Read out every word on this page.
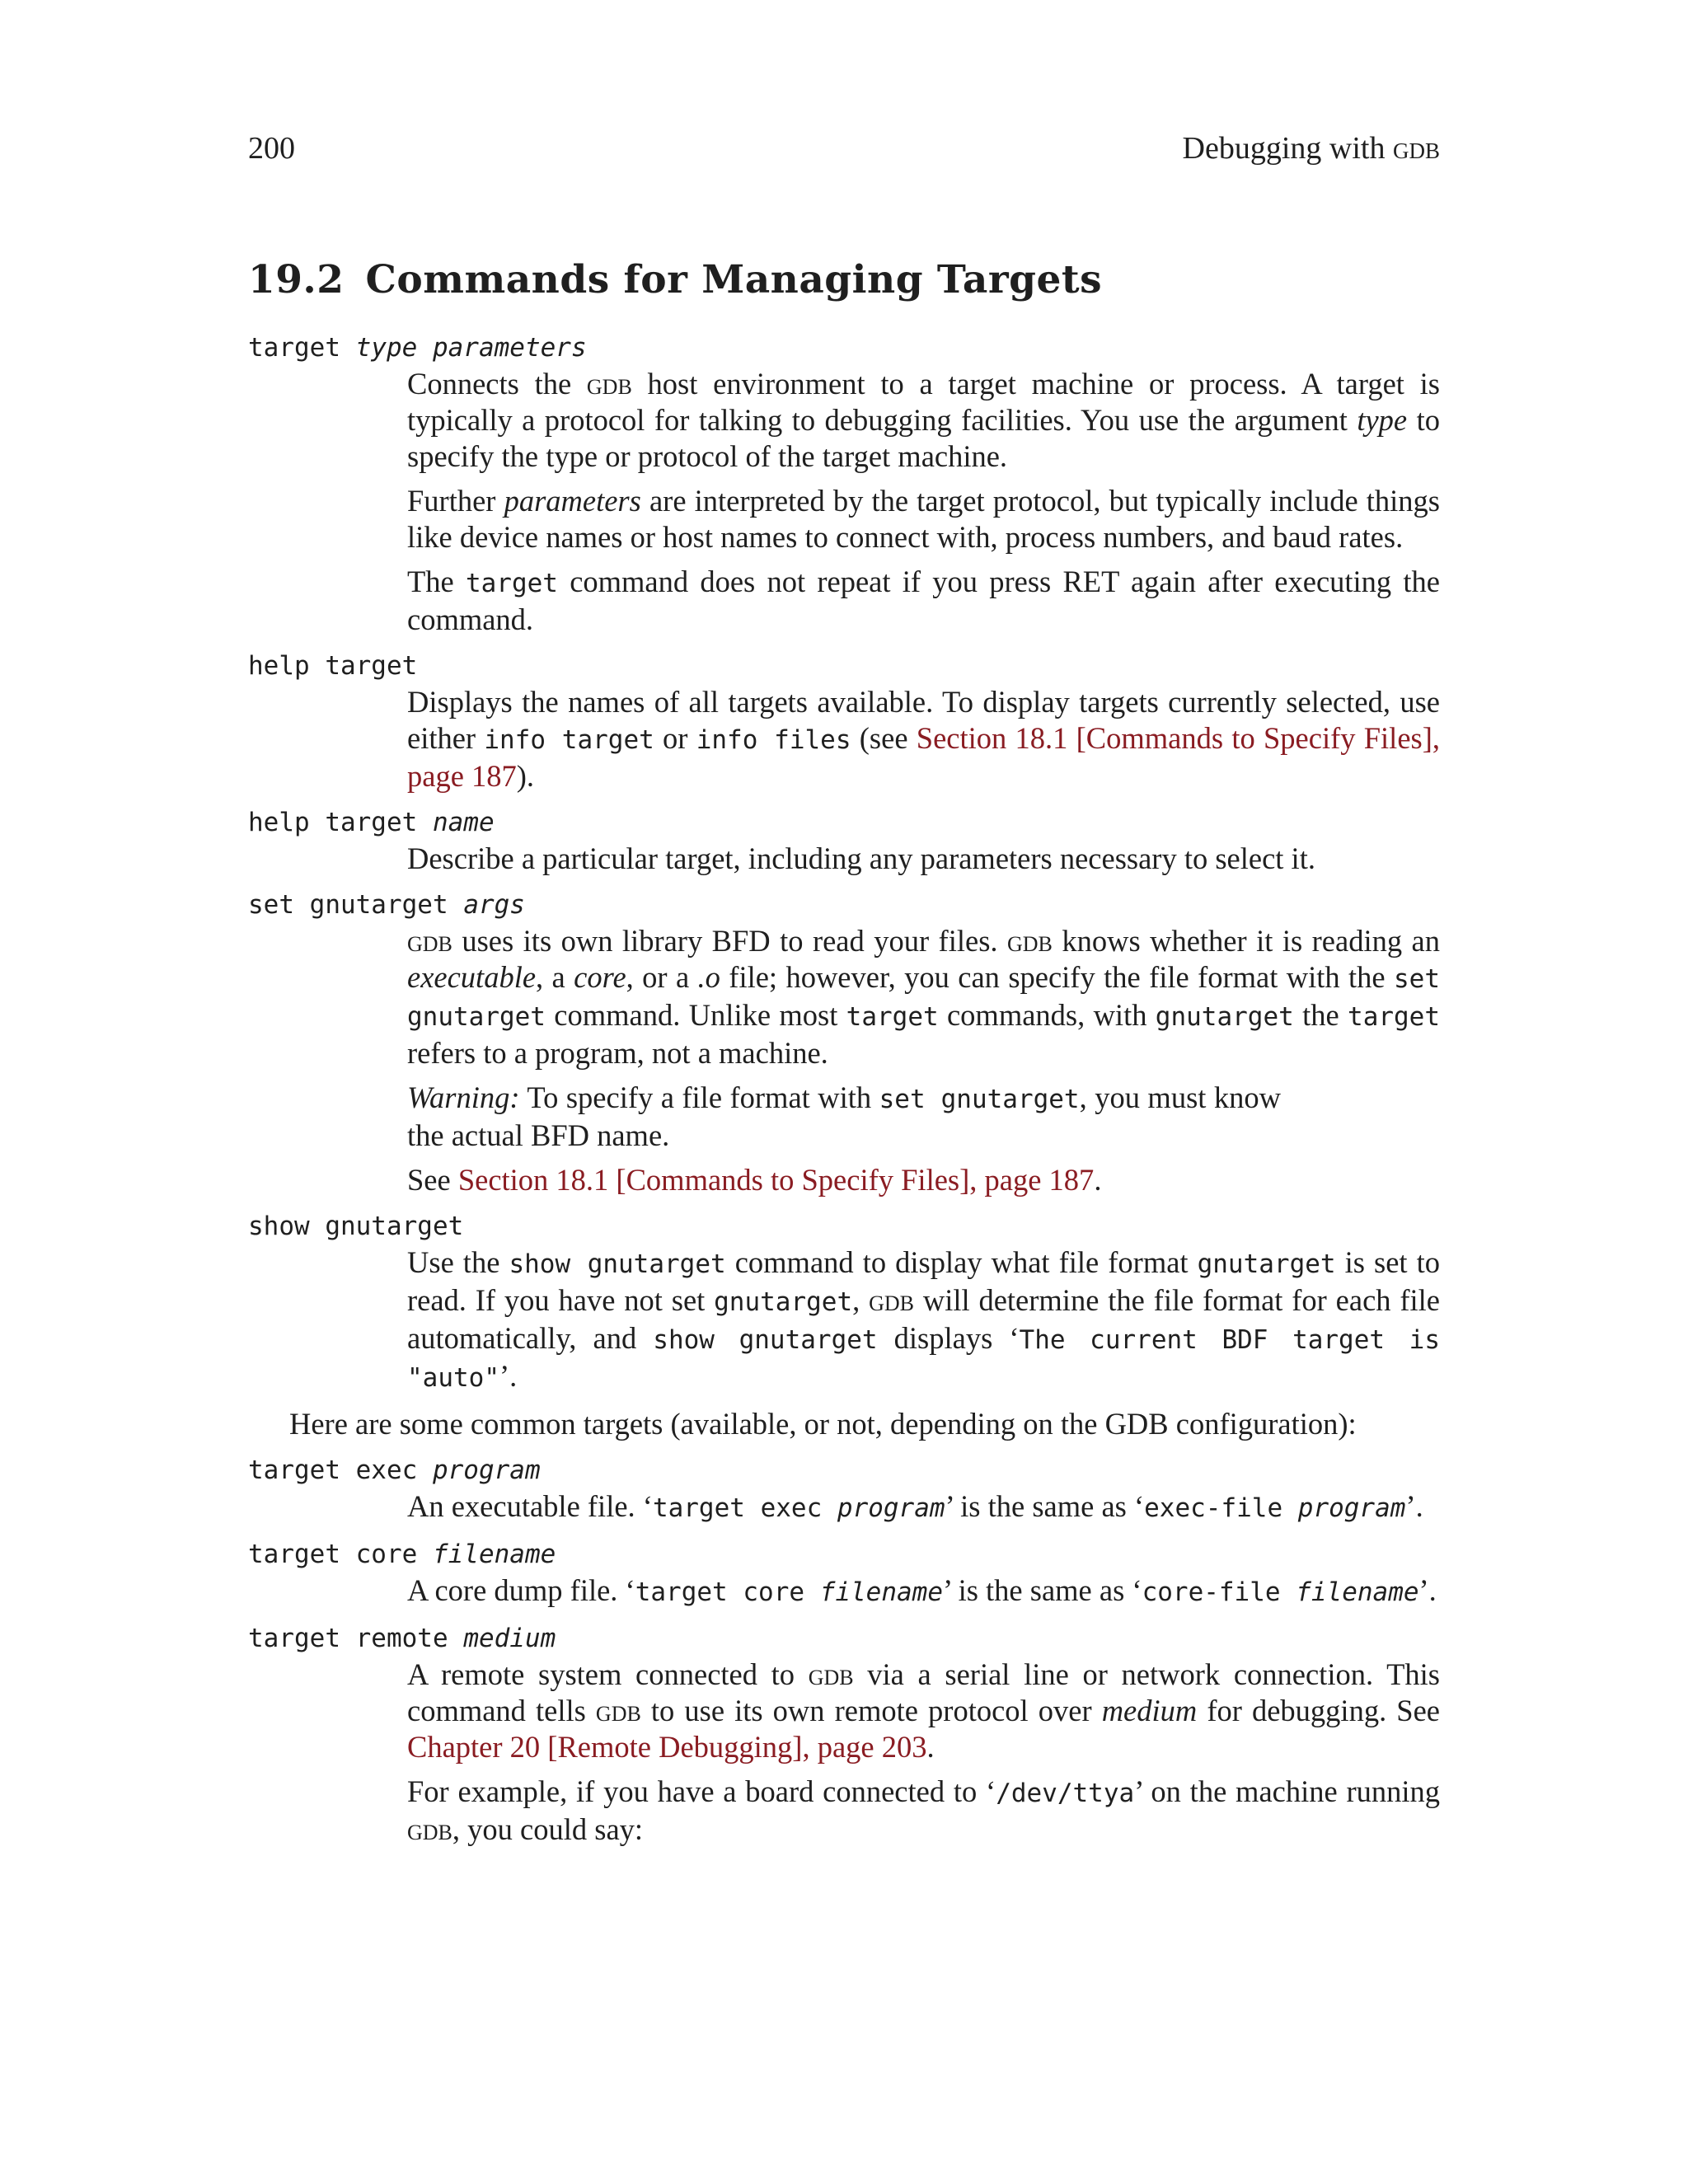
200	Debugging with gdb
19.2 Commands for Managing Targets
target type parameters

Connects the gdb host environment to a target machine or process. A target is typically a protocol for talking to debugging facilities. You use the argument type to specify the type or protocol of the target machine.

Further parameters are interpreted by the target protocol, but typically include things like device names or host names to connect with, process numbers, and baud rates.

The target command does not repeat if you press RET again after executing the command.

help target

Displays the names of all targets available. To display targets currently selected, use either info target or info files (see Section 18.1 [Commands to Specify Files], page 187).

help target name

Describe a particular target, including any parameters necessary to select it.

set gnutarget args

gdb uses its own library BFD to read your files. gdb knows whether it is reading an executable, a core, or a .o file; however, you can specify the file format with the set gnutarget command. Unlike most target commands, with gnutarget the target refers to a program, not a machine.

Warning: To specify a file format with set gnutarget, you must know the actual BFD name.

See Section 18.1 [Commands to Specify Files], page 187.

show gnutarget

Use the show gnutarget command to display what file format gnutarget is set to read. If you have not set gnutarget, gdb will determine the file format for each file automatically, and show gnutarget displays ‘The current BDF target is "auto"’.

Here are some common targets (available, or not, depending on the GDB configuration):

target exec program

An executable file. ‘target exec program’ is the same as ‘exec-file program’.

target core filename

A core dump file. ‘target core filename’ is the same as ‘core-file filename’.

target remote medium

A remote system connected to gdb via a serial line or network connection. This command tells gdb to use its own remote protocol over medium for debugging. See Chapter 20 [Remote Debugging], page 203.

For example, if you have a board connected to ‘/dev/ttya’ on the machine running gdb, you could say:
